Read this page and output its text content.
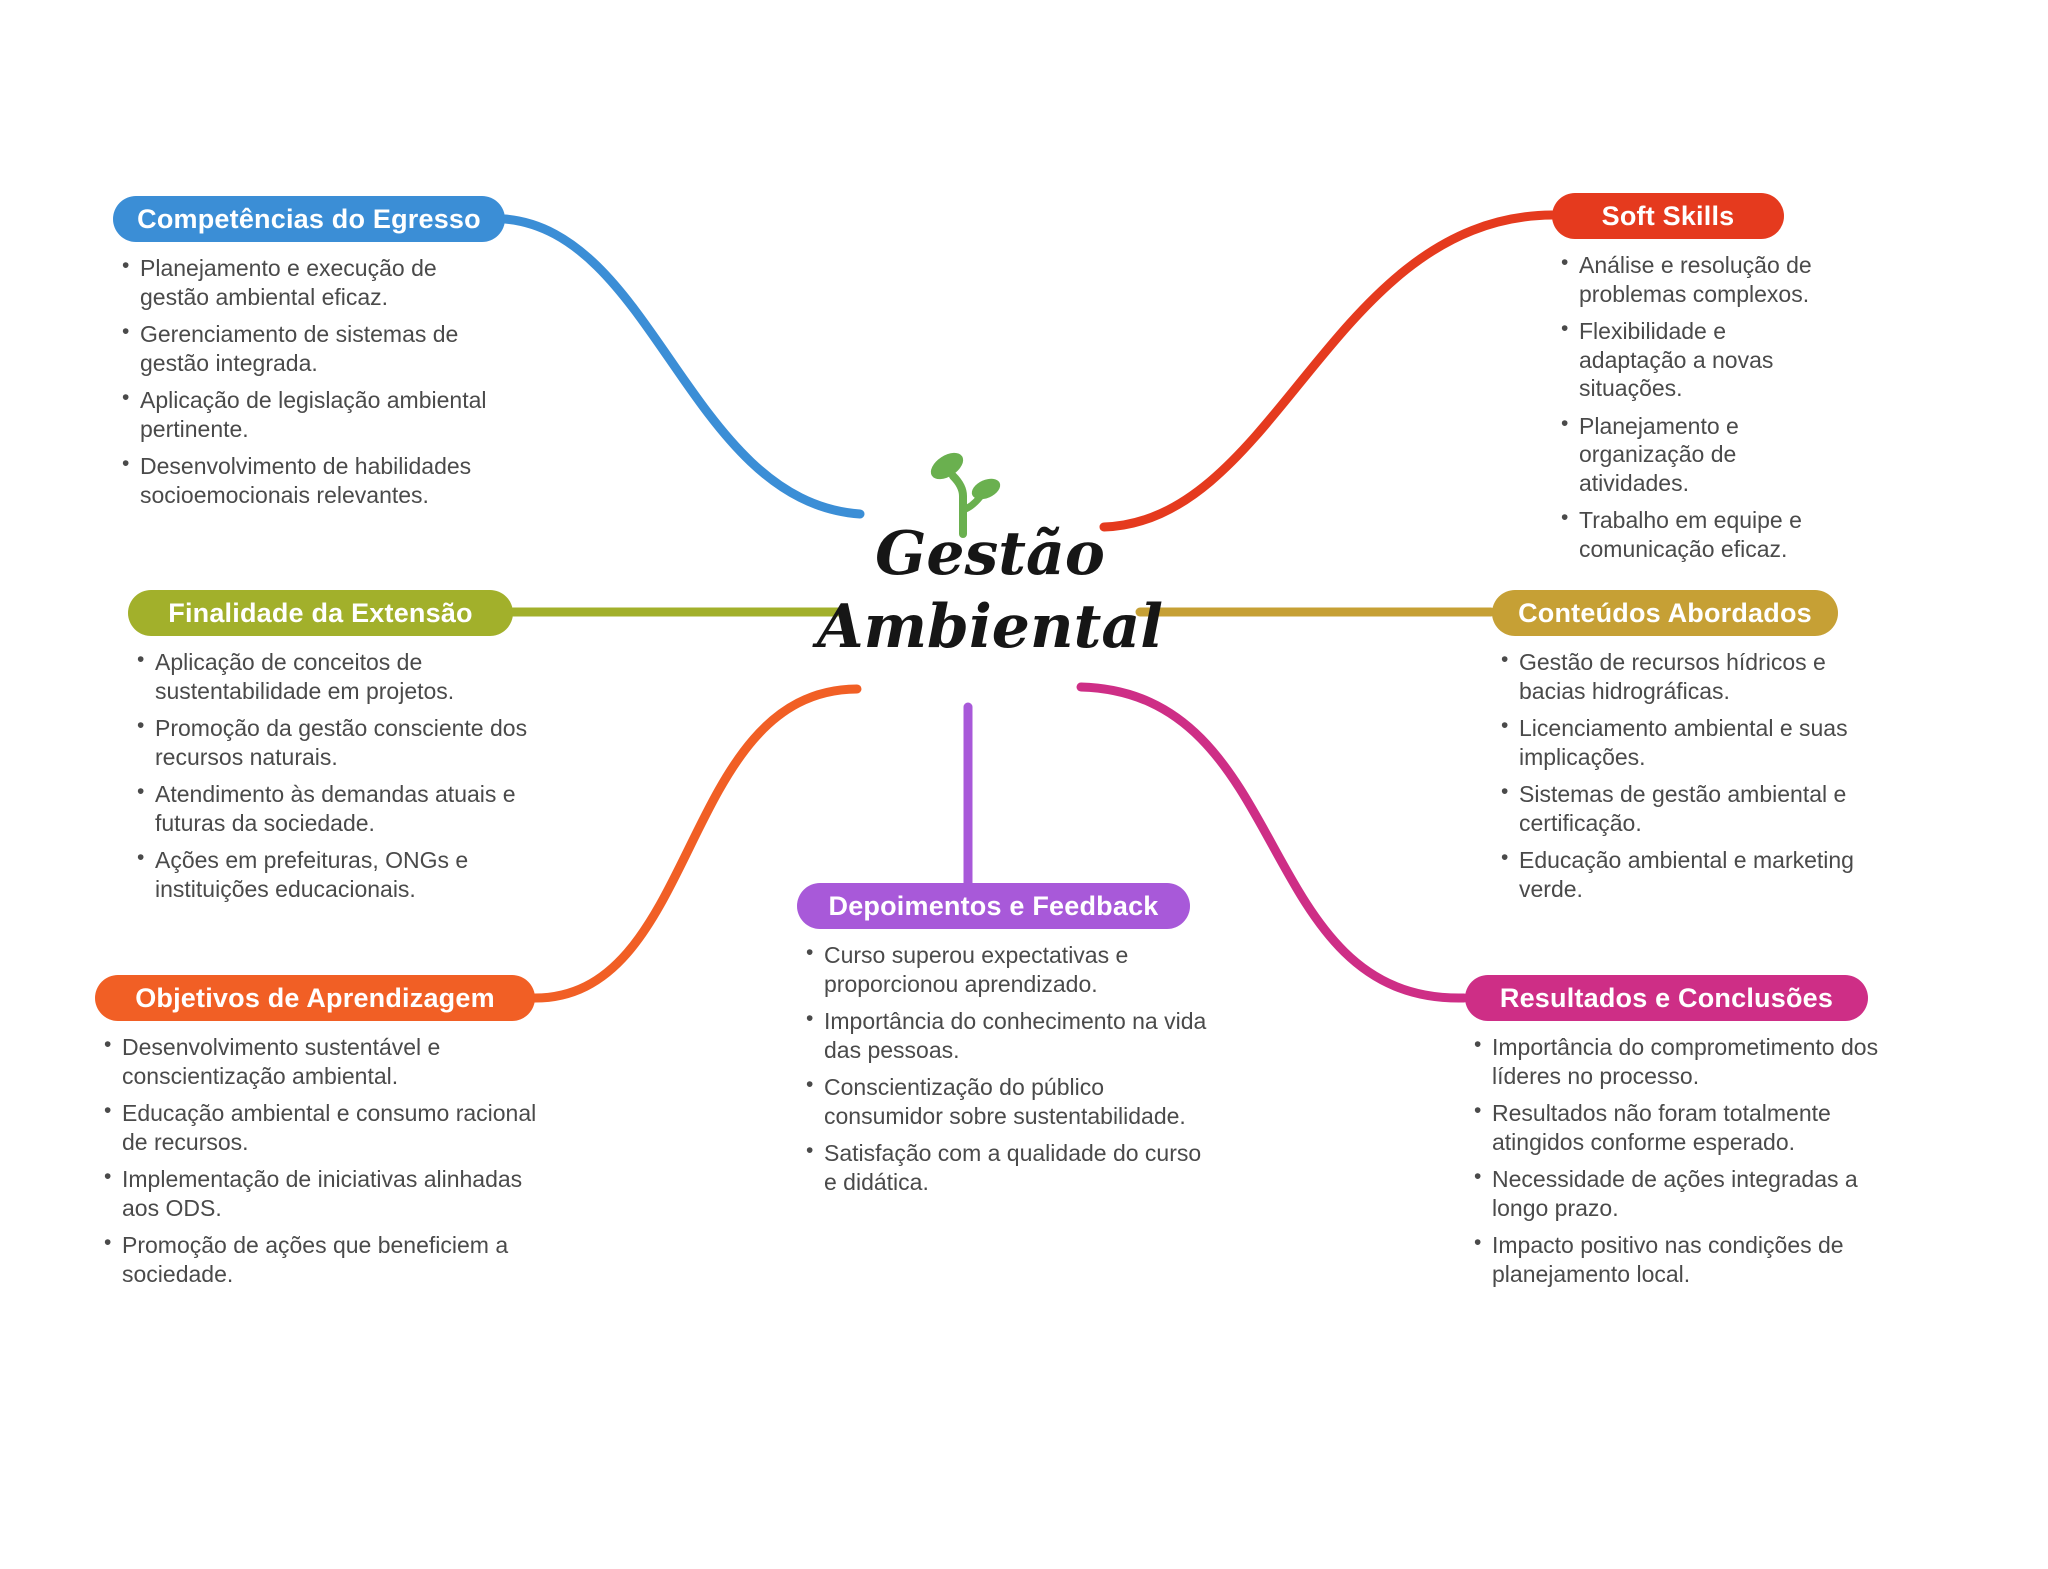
Gestão
Ambiental
Competências do Egresso
• Planejamento e execução de gestão ambiental eficaz.
• Gerenciamento de sistemas de gestão integrada.
• Aplicação de legislação ambiental pertinente.
• Desenvolvimento de habilidades socioemocionais relevantes.
Soft Skills
• Análise e resolução de problemas complexos.
• Flexibilidade e adaptação a novas situações.
• Planejamento e organização de atividades.
• Trabalho em equipe e comunicação eficaz.
Finalidade da Extensão
• Aplicação de conceitos de sustentabilidade em projetos.
• Promoção da gestão consciente dos recursos naturais.
• Atendimento às demandas atuais e futuras da sociedade.
• Ações em prefeituras, ONGs e instituições educacionais.
Conteúdos Abordados
• Gestão de recursos hídricos e bacias hidrográficas.
• Licenciamento ambiental e suas implicações.
• Sistemas de gestão ambiental e certificação.
• Educação ambiental e marketing verde.
Objetivos de Aprendizagem
• Desenvolvimento sustentável e conscientização ambiental.
• Educação ambiental e consumo racional de recursos.
• Implementação de iniciativas alinhadas aos ODS.
• Promoção de ações que beneficiem a sociedade.
Depoimentos e Feedback
• Curso superou expectativas e proporcionou aprendizado.
• Importância do conhecimento na vida das pessoas.
• Conscientização do público consumidor sobre sustentabilidade.
• Satisfação com a qualidade do curso e didática.
Resultados e Conclusões
• Importância do comprometimento dos líderes no processo.
• Resultados não foram totalmente atingidos conforme esperado.
• Necessidade de ações integradas a longo prazo.
• Impacto positivo nas condições de planejamento local.
